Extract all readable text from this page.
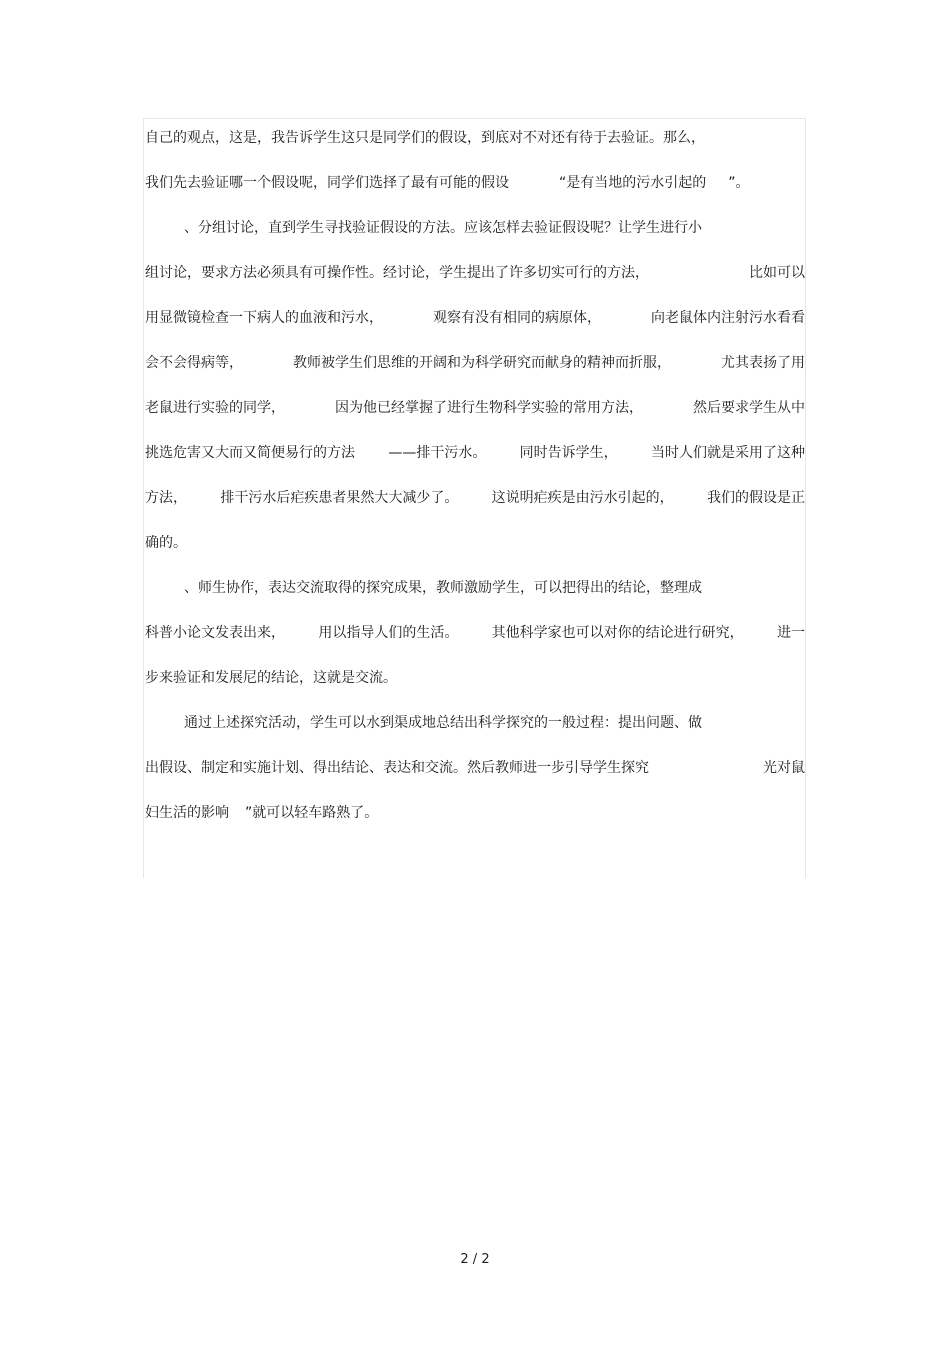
自己的观点，这是，我告诉学生这只是同学们的假设，到底对不对还有待于去验证。那么，
我们先去验证哪一个假设呢，同学们选择了最有可能的假设	“是有当地的污水引起的 ”。
、分组讨论，直到学生寻找验证假设的方法。应该怎样去验证假设呢？让学生进行小
组讨论，要求方法必须具有可操作性。经讨论，学生提出了许多切实可行的方法，	比如可以
用显微镜检查一下病人的血液和污水，	观察有没有相同的病原体，	向老鼠体内注射污水看看
会不会得病等，	教师被学生们思维的开阔和为科学研究而献身的精神而折服，	尤其表扬了用
老鼠进行实验的同学，	因为他已经掌握了进行生物科学实验的常用方法，	然后要求学生从中
挑选危害又大而又简便易行的方法 ——排干污水。 同时告诉学生， 当时人们就是采用了这种
方法， 排干污水后疟疾患者果然大大减少了。 这说明疟疾是由污水引起的， 我们的假设是正
确的。
、师生协作，表达交流取得的探究成果，教师激励学生，可以把得出的结论，整理成
科普小论文发表出来， 用以指导人们的生活。 其他科学家也可以对你的结论进行研究， 进一
步来验证和发展尼的结论，这就是交流。
通过上述探究活动，学生可以水到渠成地总结出科学探究的一般过程：提出问题、做
出假设、制定和实施计划、得出结论、表达和交流。然后教师进一步引导学生探究	光对鼠
妇生活的影响 ”就可以轻车路熟了。
2 / 2
